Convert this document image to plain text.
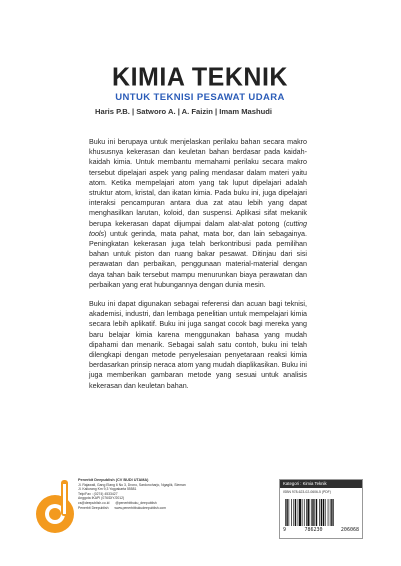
KIMIA TEKNIK
UNTUK TEKNISI PESAWAT UDARA
Haris P.B. | Satworo A. | A. Faizin | Imam Mashudi

Buku ini berupaya untuk menjelaskan perilaku bahan secara makro khususnya kekerasan dan keuletan bahan berdasar pada kaidah-kaidah kimia. Untuk membantu memahami perilaku secara makro tersebut dipelajari aspek yang paling mendasar dalam materi yaitu atom. Ketika mempelajari atom yang tak luput dipelajari adalah struktur atom, kristal, dan ikatan kimia. Pada buku ini, juga dipelajari interaksi pencampuran antara dua zat atau lebih yang dapat menghasilkan larutan, koloid, dan suspensi. Aplikasi sifat mekanik berupa kekerasan dapat dijumpai dalam alat-alat potong (cutting tools) untuk gerinda, mata pahat, mata bor, dan lain sebagainya. Peningkatan kekerasan juga telah berkontribusi pada pemilihan bahan untuk piston dan ruang bakar pesawat. Ditinjau dari sisi perawatan dan perbaikan, penggunaan material-material dengan daya tahan baik tersebut mampu menurunkan biaya perawatan dan perbaikan yang erat hubungannya dengan dunia mesin.

Buku ini dapat digunakan sebagai referensi dan acuan bagi teknisi, akademisi, industri, dan lembaga penelitian untuk mempelajari kimia secara lebih aplikatif. Buku ini juga sangat cocok bagi mereka yang baru belajar kimia karena menggunakan bahasa yang mudah dipahami dan menarik. Sebagai salah satu contoh, buku ini telah dilengkapi dengan metode penyelesaian penyetaraan reaksi kimia berdasarkan prinsip neraca atom yang mudah diaplikasikan. Buku ini juga memberikan gambaran metode yang sesuai untuk analisis kekerasan dan keuletan bahan.

Penerbit Deepublish (CV BUDI UTAMA)
Jl. Rajawali, Gang Elang 6 No 3, Drono, Sardonoharjo, Ngaglik, Sleman
Jl. Kaliurang Km 9,3 Yogyakarta 55581
Telp/Fax : (0274) 4533427
Anggota IKAPI (076/DIY/2012)
cs@deepublish.co.id @penerbitbuku_deepublish
Penerbit Deepublish www.penerbitbukudeepublish.com
Kategori : Kimia Teknik
ISBN 978-623-02-0606-5 (PDF)
9	786230	206068
